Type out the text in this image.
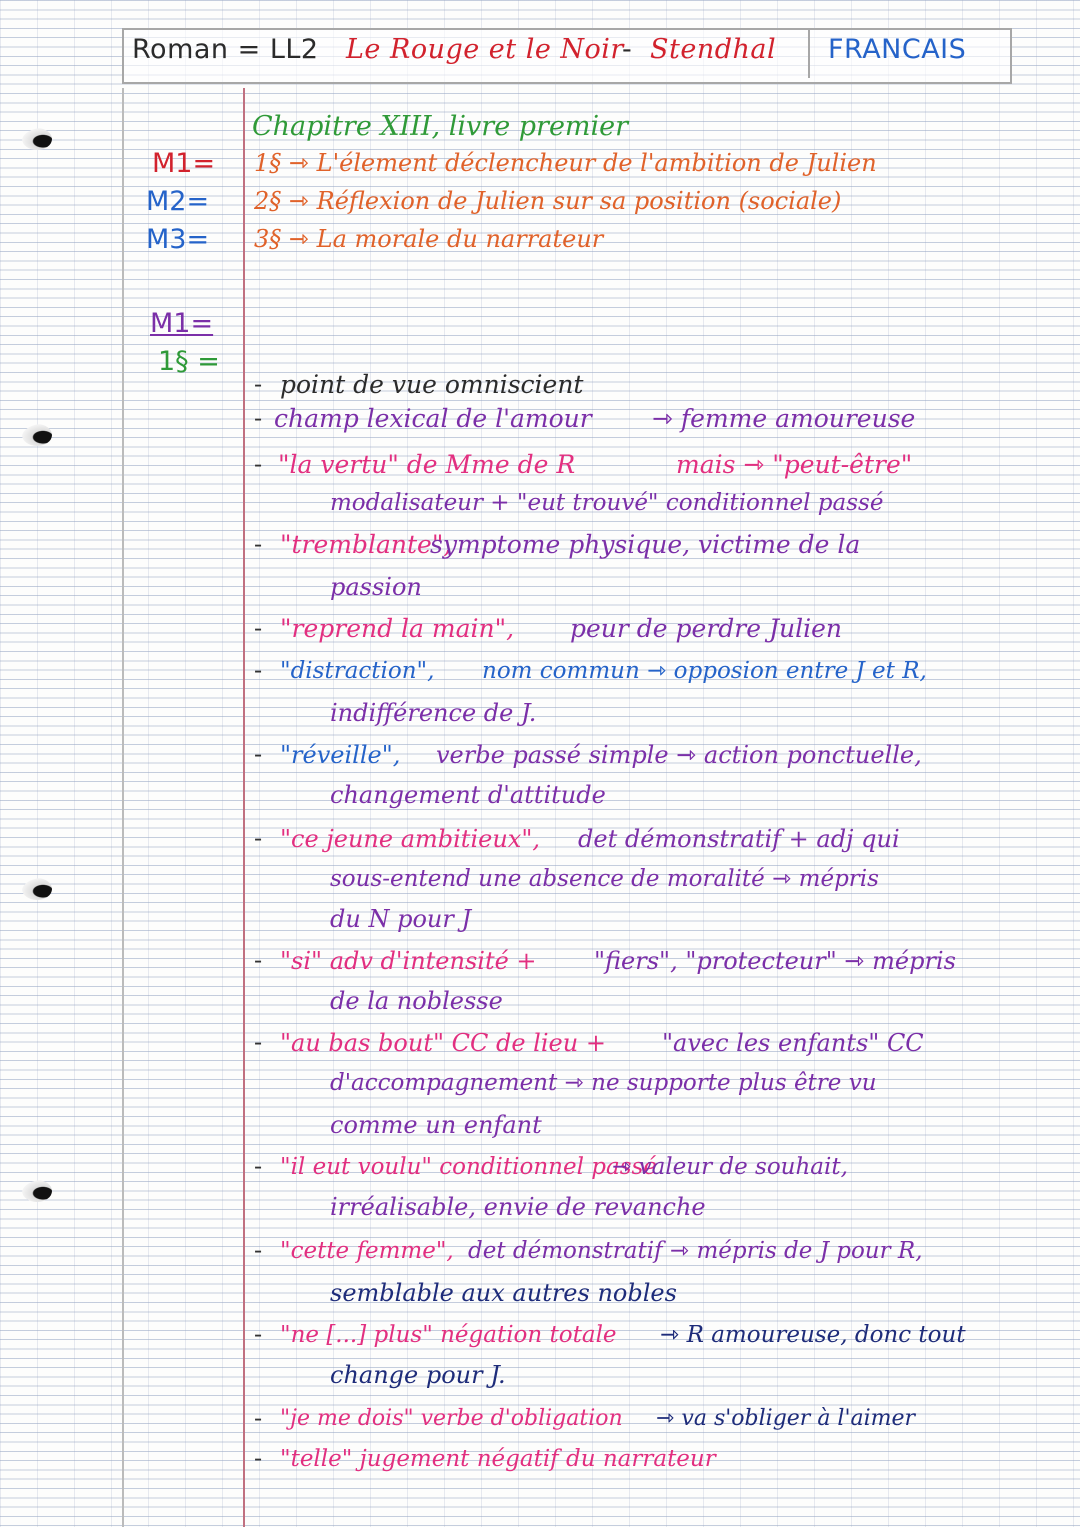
Roman = LL2 Le Rouge et le Noir
- Stendhal FRANCAIS
Chapitre XIII, livre premier
M1= 1§ ⇾ L'élement déclencheur de l'ambition de Julien
M2= 2§ ⇾ Réflexion de Julien sur sa position (sociale)
M3= 3§ ⇾ La morale du narrateur
M1=
1§ =
- point de vue omniscient
- champ lexical de l'amour ⇾ femme amoureuse
- "la vertu" de Mme de R	mais ⇾ "peut-être"
modalisateur + "eut trouvé" conditionnel passé
- "tremblante",
symptome physique, victime de la
passion
- "reprend la main", peur de perdre Julien
- "distraction", nom commun ⇾ opposion entre J et R,
indifférence de J.
- "réveille", verbe passé simple ⇾ action ponctuelle,
changement d'attitude
- "ce jeune ambitieux", det démonstratif + adj qui
sous-entend une absence de moralité ⇾ mépris
du N pour J
- "si" adv d'intensité + "fiers", "protecteur" ⇾ mépris
de la noblesse
- "au bas bout" CC de lieu + "avec les enfants" CC
d'accompagnement ⇾ ne supporte plus être vu
comme un enfant
- "il eut voulu" conditionnel passé
⇾ valeur de souhait,
irréalisable, envie de revanche
- "cette femme", det démonstratif ⇾ mépris de J pour R,
semblable aux autres nobles
- "ne [...] plus" négation totale ⇾ R amoureuse, donc tout
change pour J.
- "je me dois" verbe d'obligation ⇾ va s'obliger à l'aimer
- "telle" jugement négatif du narrateur
